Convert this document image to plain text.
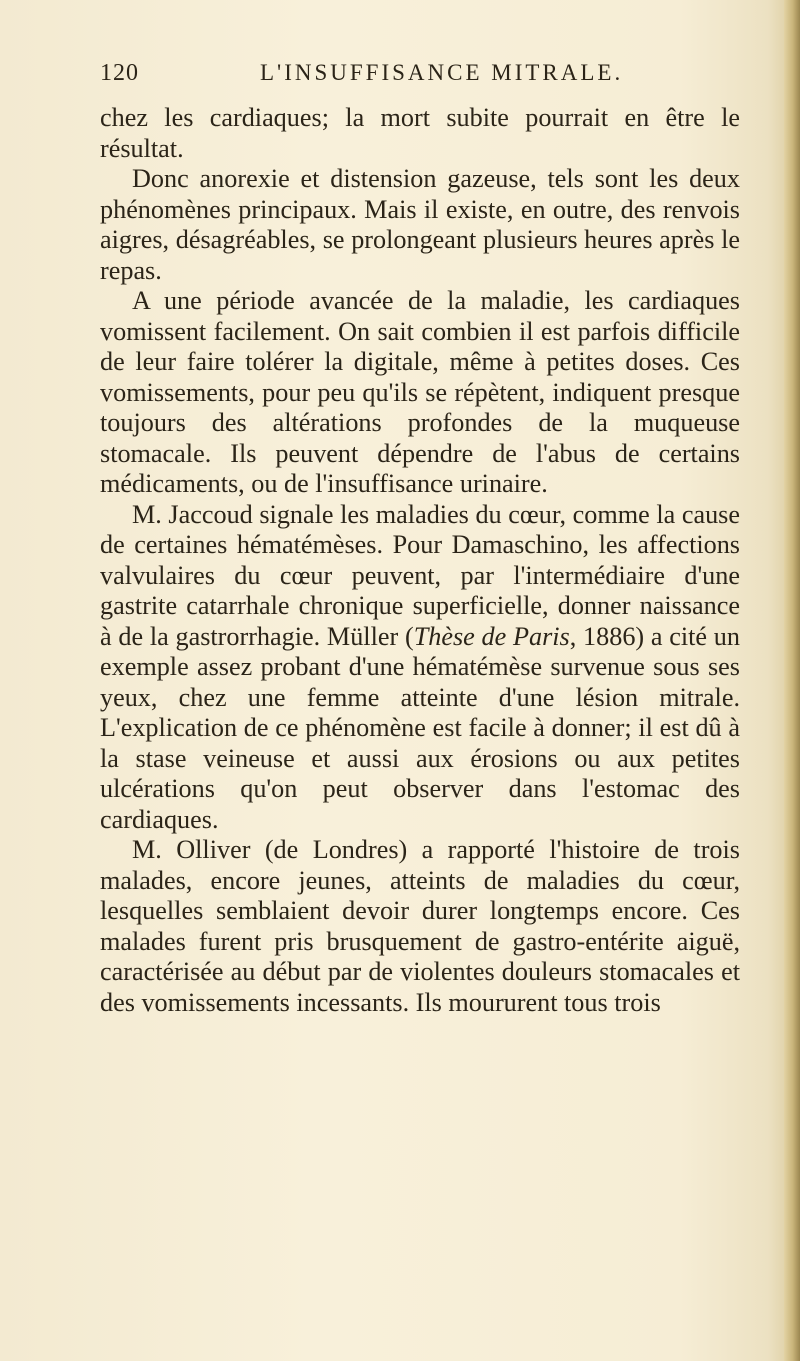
120	L'INSUFFISANCE MITRALE.

chez les cardiaques; la mort subite pourrait en être le résultat.

Donc anorexie et distension gazeuse, tels sont les deux phénomènes principaux. Mais il existe, en outre, des renvois aigres, désagréables, se prolongeant plusieurs heures après le repas.

A une période avancée de la maladie, les cardiaques vomissent facilement. On sait combien il est parfois difficile de leur faire tolérer la digitale, même à petites doses. Ces vomissements, pour peu qu'ils se répètent, indiquent presque toujours des altérations profondes de la muqueuse stomacale. Ils peuvent dépendre de l'abus de certains médicaments, ou de l'insuffisance urinaire.

M. Jaccoud signale les maladies du cœur, comme la cause de certaines hématémèses. Pour Damaschino, les affections valvulaires du cœur peuvent, par l'intermédiaire d'une gastrite catarrhale chronique superficielle, donner naissance à de la gastrorrhagie. Müller (Thèse de Paris, 1886) a cité un exemple assez probant d'une hématémèse survenue sous ses yeux, chez une femme atteinte d'une lésion mitrale. L'explication de ce phénomène est facile à donner; il est dû à la stase veineuse et aussi aux érosions ou aux petites ulcérations qu'on peut observer dans l'estomac des cardiaques.

M. Olliver (de Londres) a rapporté l'histoire de trois malades, encore jeunes, atteints de maladies du cœur, lesquelles semblaient devoir durer longtemps encore. Ces malades furent pris brusquement de gastro-entérite aiguë, caractérisée au début par de violentes douleurs stomacales et des vomissements incessants. Ils moururent tous trois
